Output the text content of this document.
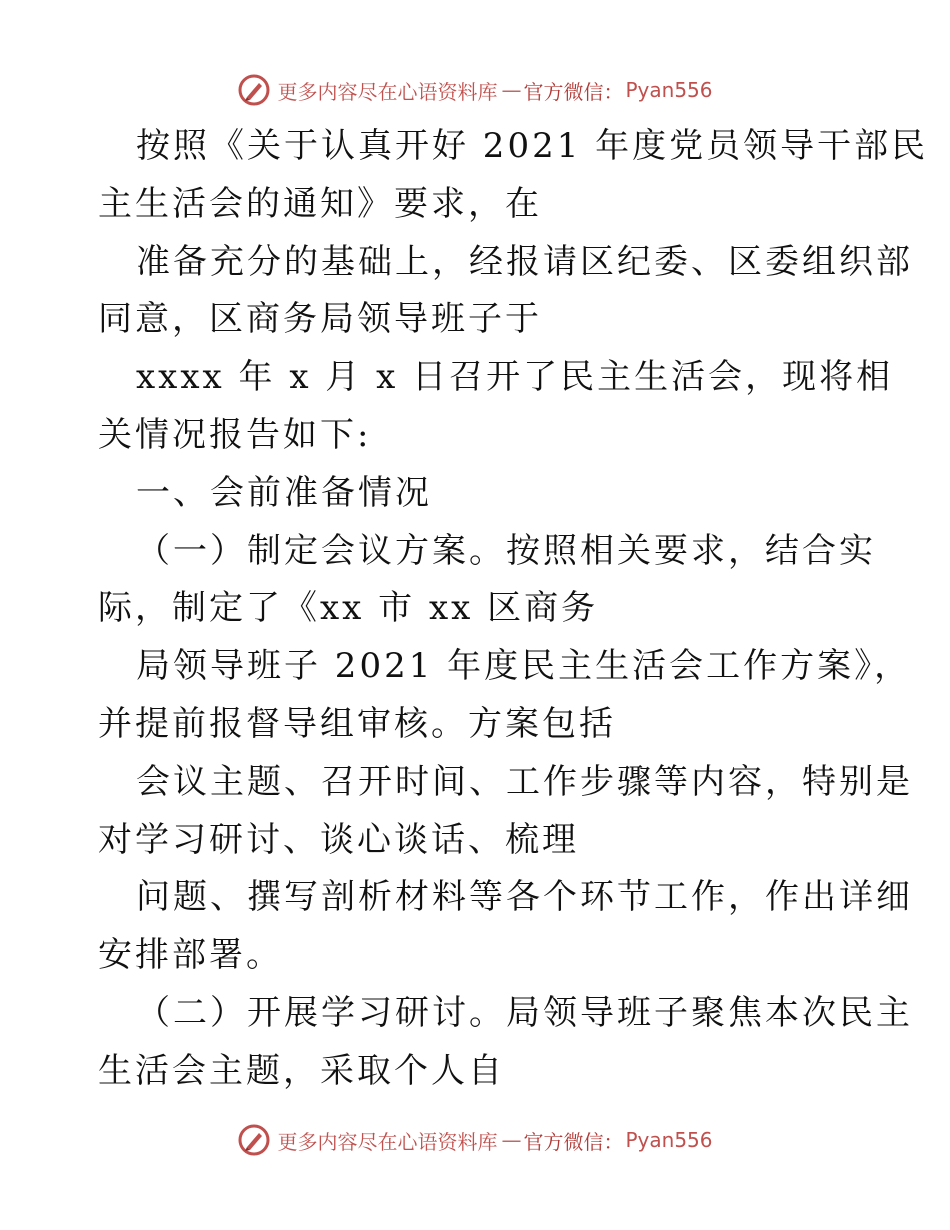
更多内容尽在心语资料库 — 官方微信： Pyan556
按照《关于认真开好 2021 年度党员领导干部民
主生活会的通知》要求，在
准备充分的基础上，经报请区纪委、区委组织部
同意，区商务局领导班子于
xxxx 年 x 月 x 日召开了民主生活会，现将相
关情况报告如下:
一、会前准备情况
（一）制定会议方案。按照相关要求，结合实
际，制定了《xx 市 xx 区商务
局领导班子 2021 年度民主生活会工作方案》，
并提前报督导组审核。方案包括
会议主题、召开时间、工作步骤等内容，特别是
对学习研讨、谈心谈话、梳理
问题、撰写剖析材料等各个环节工作，作出详细
安排部署。
（二）开展学习研讨。局领导班子聚焦本次民主
生活会主题，采取个人自
更多内容尽在心语资料库 — 官方微信： Pyan556
